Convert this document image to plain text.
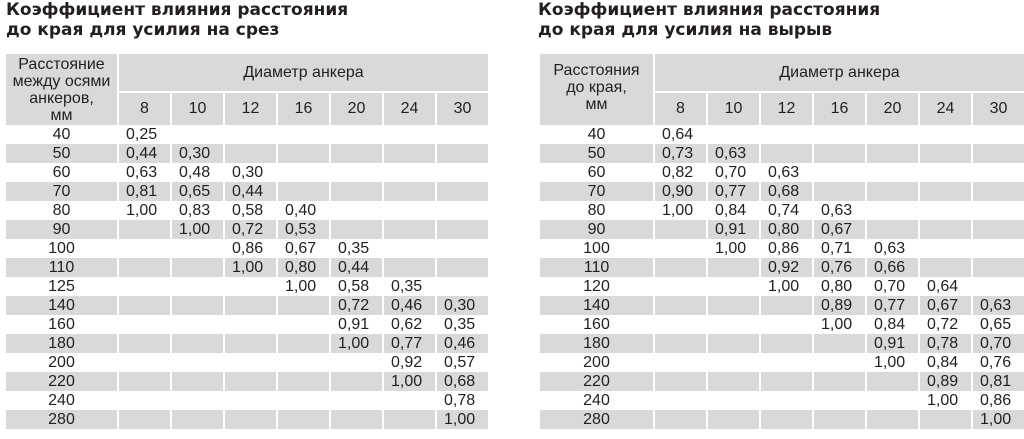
Коэффициент влияния расстояния
до края для усилия на срез
Расстояние
между осями
анкеров,
мм	Диаметр анкера						
	8	10	12	16	20	24	30
40	0,25						
50	0,44	0,30					
60	0,63	0,48	0,30				
70	0,81	0,65	0,44				
80	1,00	0,83	0,58	0,40			
90		1,00	0,72	0,53			
100			0,86	0,67	0,35		
110			1,00	0,80	0,44		
125				1,00	0,58	0,35	
140					0,72	0,46	0,30
160					0,91	0,62	0,35
180					1,00	0,77	0,46
200						0,92	0,57
220						1,00	0,68
240							0,78
280							1,00
Коэффициент влияния расстояния
до края для усилия на вырыв
Расстояния
до края,
мм	Диаметр анкера						
	8	10	12	16	20	24	30
40	0,64						
50	0,73	0,63					
60	0,82	0,70	0,63				
70	0,90	0,77	0,68				
80	1,00	0,84	0,74	0,63			
90		0,91	0,80	0,67			
100		1,00	0,86	0,71	0,63		
110			0,92	0,76	0,66		
120			1,00	0,80	0,70	0,64	
140				0,89	0,77	0,67	0,63
160				1,00	0,84	0,72	0,65
180					0,91	0,78	0,70
200					1,00	0,84	0,76
220						0,89	0,81
240						1,00	0,86
280							1,00
